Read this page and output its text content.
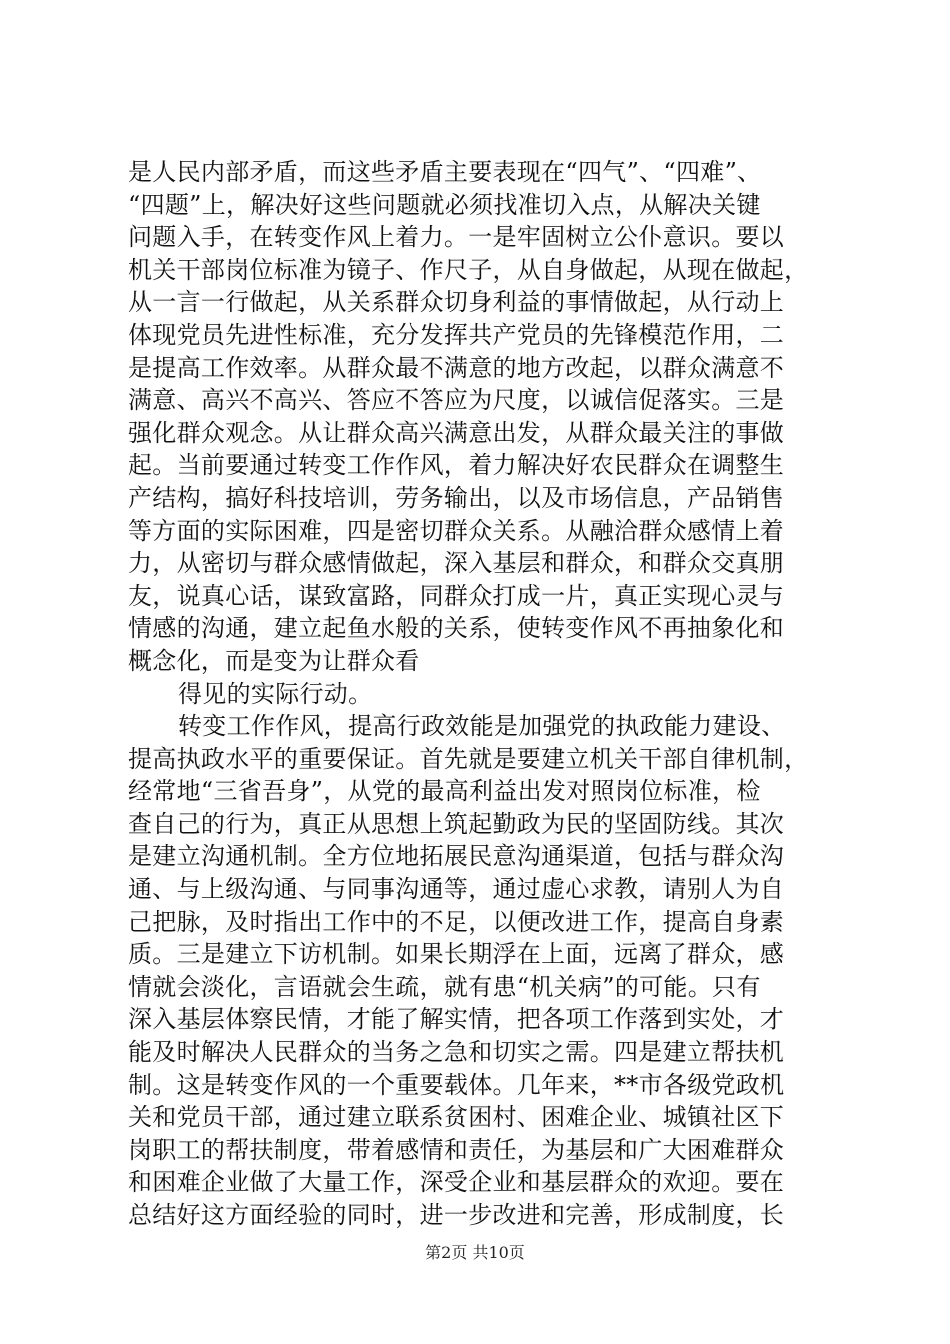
是人民内部矛盾，而这些矛盾主要表现在“四气”、“四难”、
“四题”上，解决好这些问题就必须找准切入点，从解决关键
问题入手，在转变作风上着力。一是牢固树立公仆意识。要以
机关干部岗位标准为镜子、作尺子，从自身做起，从现在做起，
从一言一行做起，从关系群众切身利益的事情做起，从行动上
体现党员先进性标准，充分发挥共产党员的先锋模范作用，二
是提高工作效率。从群众最不满意的地方改起，以群众满意不
满意、高兴不高兴、答应不答应为尺度，以诚信促落实。三是
强化群众观念。从让群众高兴满意出发，从群众最关注的事做
起。当前要通过转变工作作风，着力解决好农民群众在调整生
产结构，搞好科技培训，劳务输出，以及市场信息，产品销售
等方面的实际困难，四是密切群众关系。从融洽群众感情上着
力，从密切与群众感情做起，深入基层和群众，和群众交真朋
友，说真心话，谋致富路，同群众打成一片，真正实现心灵与
情感的沟通，建立起鱼水般的关系，使转变作风不再抽象化和
概念化，而是变为让群众看
得见的实际行动。
转变工作作风，提高行政效能是加强党的执政能力建设、
提高执政水平的重要保证。首先就是要建立机关干部自律机制，
经常地“三省吾身”，从党的最高利益出发对照岗位标准，检
查自己的行为，真正从思想上筑起勤政为民的坚固防线。其次
是建立沟通机制。全方位地拓展民意沟通渠道，包括与群众沟
通、与上级沟通、与同事沟通等，通过虚心求教，请别人为自
己把脉，及时指出工作中的不足，以便改进工作，提高自身素
质。三是建立下访机制。如果长期浮在上面，远离了群众，感
情就会淡化，言语就会生疏，就有患“机关病”的可能。只有
深入基层体察民情，才能了解实情，把各项工作落到实处，才
能及时解决人民群众的当务之急和切实之需。四是建立帮扶机
制。这是转变作风的一个重要载体。几年来，**市各级党政机
关和党员干部，通过建立联系贫困村、困难企业、城镇社区下
岗职工的帮扶制度，带着感情和责任，为基层和广大困难群众
和困难企业做了大量工作，深受企业和基层群众的欢迎。要在
总结好这方面经验的同时，进一步改进和完善，形成制度，长
第2页 共10页
